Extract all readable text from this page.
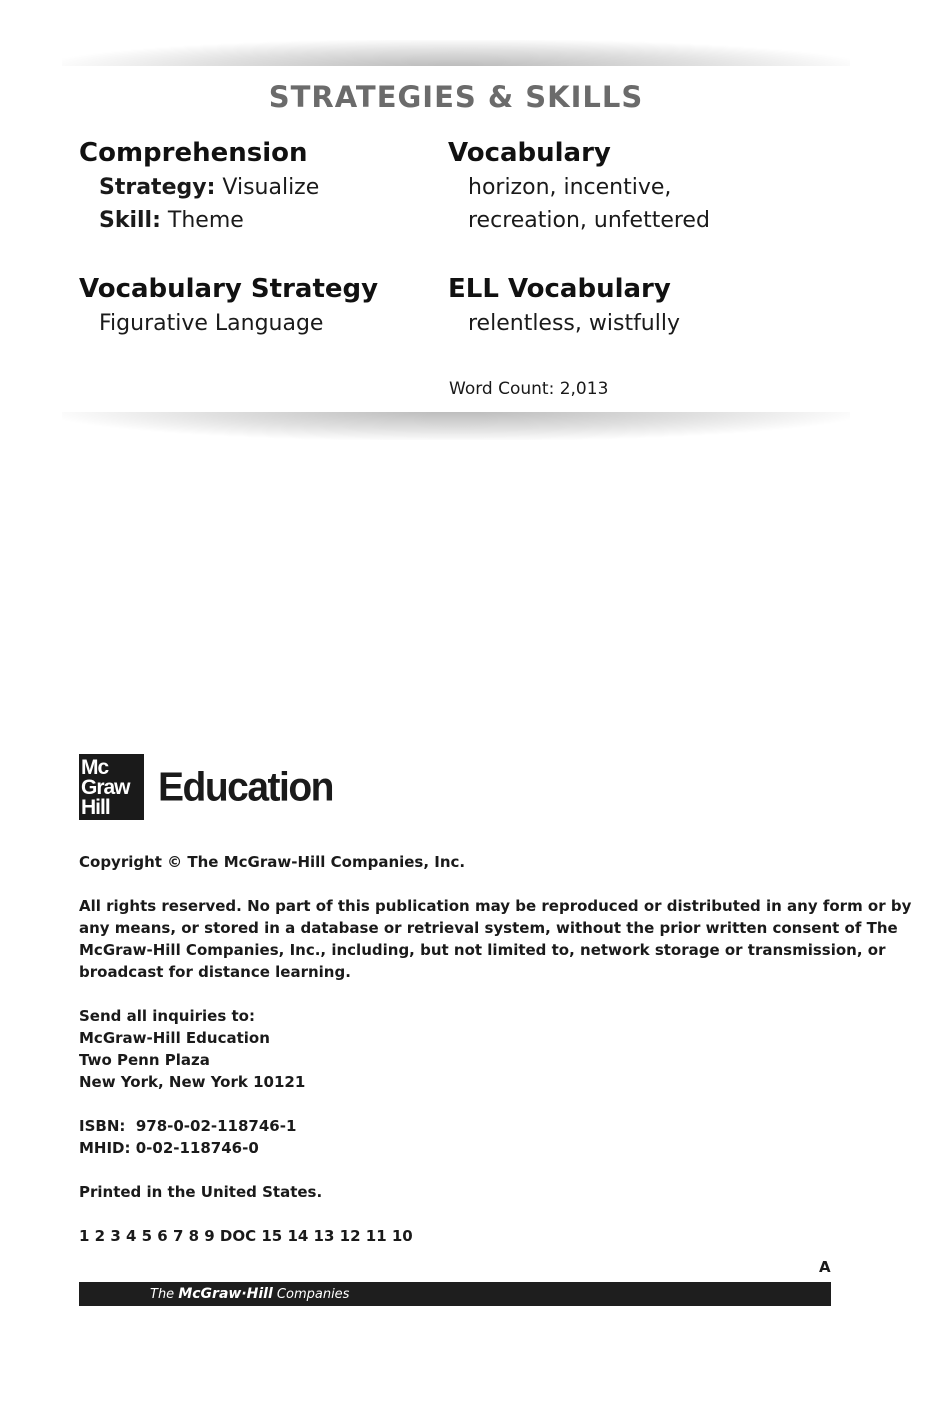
STRATEGIES & SKILLS
Comprehension
Strategy: Visualize
Skill: Theme
Vocabulary
horizon, incentive,
recreation, unfettered
Vocabulary Strategy
Figurative Language
ELL Vocabulary
relentless, wistfully
Word Count: 2,013
Mc
Graw
Hill	Education
Copyright © The McGraw-Hill Companies, Inc.
All rights reserved. No part of this publication may be reproduced or distributed in any form or by
any means, or stored in a database or retrieval system, without the prior written consent of The
McGraw-Hill Companies, Inc., including, but not limited to, network storage or transmission, or
broadcast for distance learning.
Send all inquiries to:
McGraw-Hill Education
Two Penn Plaza
New York, New York 10121
ISBN:  978-0-02-118746-1
MHID: 0-02-118746-0
Printed in the United States.
1 2 3 4 5 6 7 8 9 DOC 15 14 13 12 11 10
A
The McGraw·Hill Companies
